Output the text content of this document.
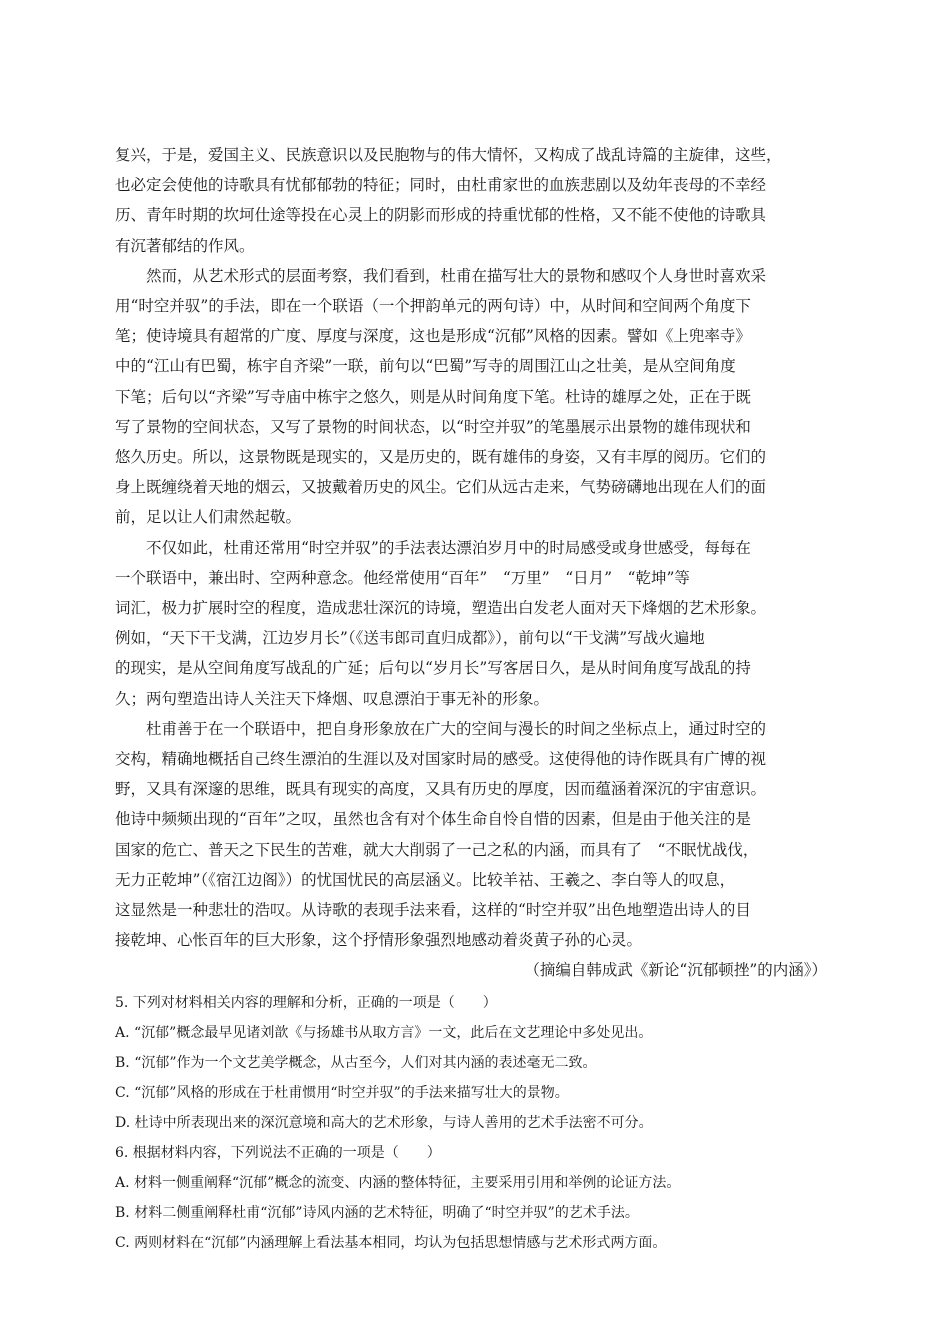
复兴，于是，爱国主义、民族意识以及民胞物与的伟大情怀，又构成了战乱诗篇的主旋律，这些，
也必定会使他的诗歌具有忧郁郁勃的特征；同时，由杜甫家世的血族悲剧以及幼年丧母的不幸经
历、青年时期的坎坷仕途等投在心灵上的阴影而形成的持重忧郁的性格，又不能不使他的诗歌具
有沉著郁结的作风。

然而，从艺术形式的层面考察，我们看到，杜甫在描写壮大的景物和感叹个人身世时喜欢采
用“时空并驭”的手法，即在一个联语（一个押韵单元的两句诗）中，从时间和空间两个角度下
笔；使诗境具有超常的广度、厚度与深度，这也是形成“沉郁”风格的因素。譬如《上兜率寺》
中的“江山有巴蜀，栋宇自齐梁”一联，前句以“巴蜀”写寺的周围江山之壮美，是从空间角度
下笔；后句以“齐梁”写寺庙中栋宇之悠久，则是从时间角度下笔。杜诗的雄厚之处，正在于既
写了景物的空间状态，又写了景物的时间状态，以“时空并驭”的笔墨展示出景物的雄伟现状和
悠久历史。所以，这景物既是现实的，又是历史的，既有雄伟的身姿，又有丰厚的阅历。它们的
身上既缠绕着天地的烟云，又披戴着历史的风尘。它们从远古走来，气势磅礴地出现在人们的面
前，足以让人们肃然起敬。

不仅如此，杜甫还常用“时空并驭”的手法表达漂泊岁月中的时局感受或身世感受，每每在
一个联语中，兼出时、空两种意念。他经常使用“百年”　“万里”　“日月”　“乾坤”等
词汇，极力扩展时空的程度，造成悲壮深沉的诗境，塑造出白发老人面对天下烽烟的艺术形象。
例如，“天下干戈满，江边岁月长”（《送韦郎司直归成都》），前句以“干戈满”写战火遍地
的现实，是从空间角度写战乱的广延；后句以“岁月长”写客居日久，是从时间角度写战乱的持
久；两句塑造出诗人关注天下烽烟、叹息漂泊于事无补的形象。

杜甫善于在一个联语中，把自身形象放在广大的空间与漫长的时间之坐标点上，通过时空的
交构，精确地概括自己终生漂泊的生涯以及对国家时局的感受。这使得他的诗作既具有广博的视
野，又具有深邃的思维，既具有现实的高度，又具有历史的厚度，因而蕴涵着深沉的宇宙意识。
他诗中频频出现的“百年”之叹，虽然也含有对个体生命自怜自惜的因素，但是由于他关注的是
国家的危亡、普天之下民生的苦难，就大大削弱了一己之私的内涵，而具有了　“不眠忧战伐，
无力正乾坤”（《宿江边阁》）的忧国忧民的高层涵义。比较羊祜、王羲之、李白等人的叹息，
这显然是一种悲壮的浩叹。从诗歌的表现手法来看，这样的“时空并驭”出色地塑造出诗人的目
接乾坤、心怅百年的巨大形象，这个抒情形象强烈地感动着炎黄子孙的心灵。

（摘编自韩成武《新论“沉郁顿挫”的内涵》）
5. 下列对材料相关内容的理解和分析，正确的一项是（　　）
A. “沉郁”概念最早见诸刘歆《与扬雄书从取方言》一文，此后在文艺理论中多处见出。
B. “沉郁”作为一个文艺美学概念，从古至今，人们对其内涵的表述毫无二致。
C. “沉郁”风格的形成在于杜甫惯用“时空并驭”的手法来描写壮大的景物。
D. 杜诗中所表现出来的深沉意境和高大的艺术形象，与诗人善用的艺术手法密不可分。
6. 根据材料内容，下列说法不正确的一项是（　　）
A. 材料一侧重阐释“沉郁”概念的流变、内涵的整体特征，主要采用引用和举例的论证方法。
B. 材料二侧重阐释杜甫“沉郁”诗风内涵的艺术特征，明确了“时空并驭”的艺术手法。
C. 两则材料在“沉郁”内涵理解上看法基本相同，均认为包括思想情感与艺术形式两方面。
